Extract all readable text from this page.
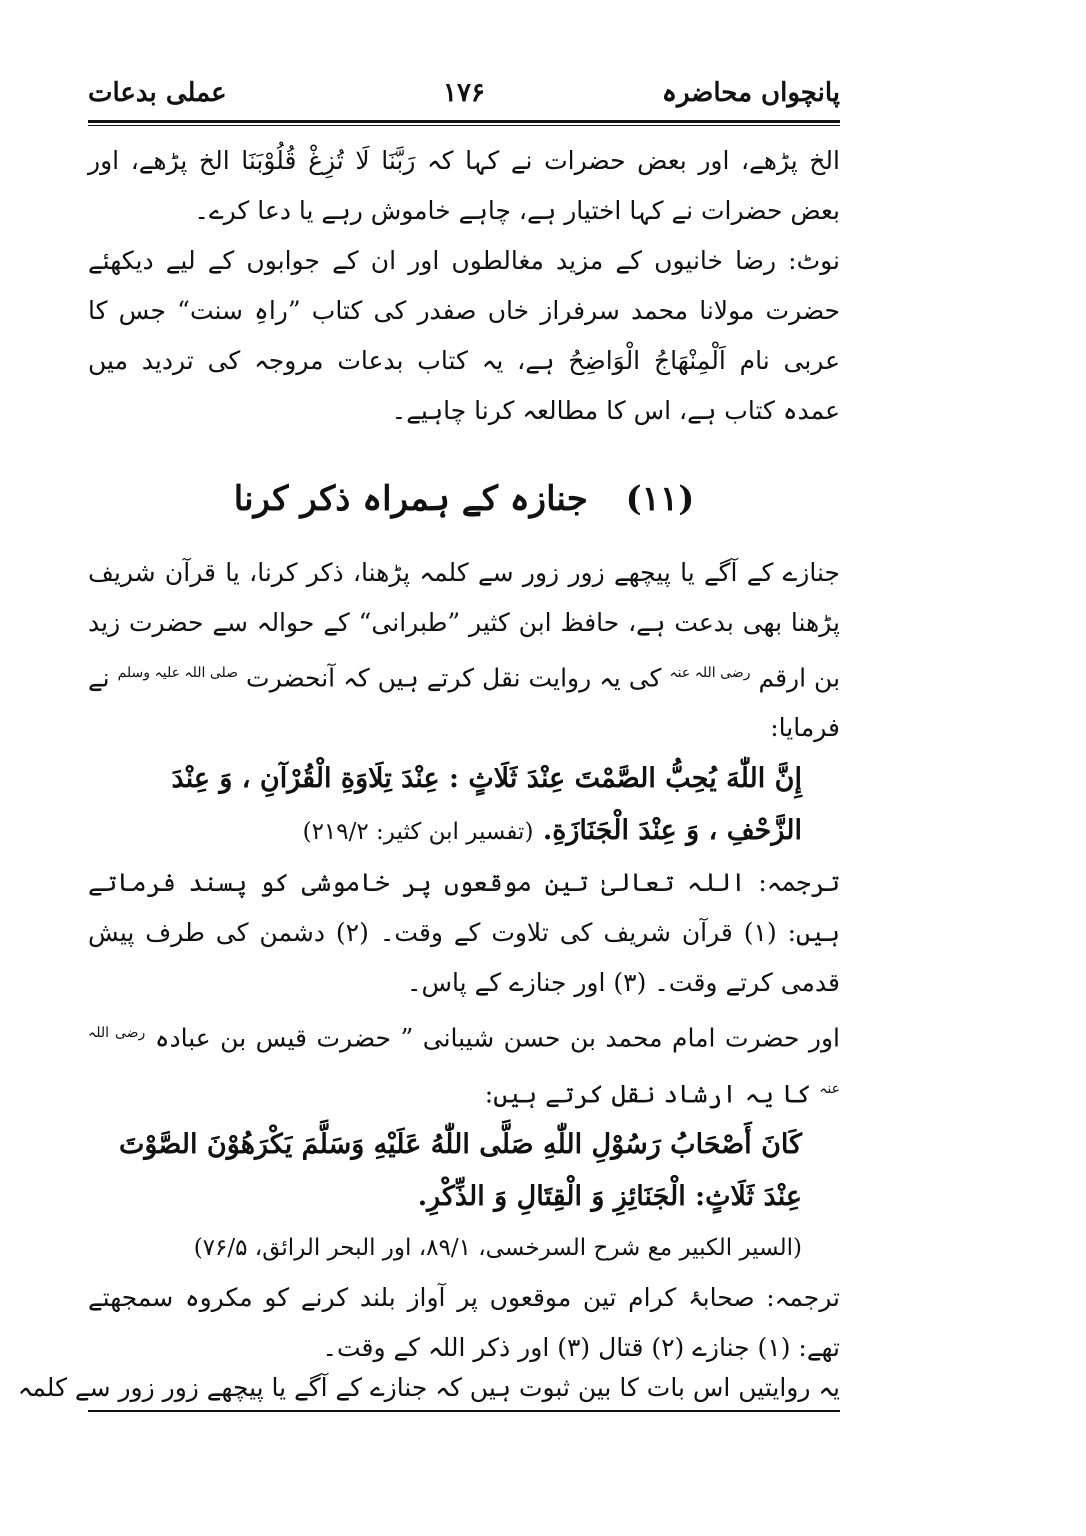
پانچواں محاضرہ
۱۷۶
عملی بدعات

الخ پڑھے، اور بعض حضرات نے کہا کہ رَبَّنَا لَا تُزِغْ قُلُوْبَنَا الخ پڑھے، اور بعض حضرات نے کہا اختیار ہے، چاہے خاموش رہے یا دعا کرے۔

نوٹ: رضا خانیوں کے مزید مغالطوں اور ان کے جوابوں کے لیے دیکھئے حضرت مولانا محمد سرفراز خاں صفدر کی کتاب ”راہِ سنت“ جس کا عربی نام اَلْمِنْهَاجُ الْوَاضِحُ ہے، یہ کتاب بدعات مروجہ کی تردید میں عمدہ کتاب ہے، اس کا مطالعہ کرنا چاہیے۔

(۱۱) جنازہ کے ہمراہ ذکر کرنا

جنازے کے آگے یا پیچھے زور زور سے کلمہ پڑھنا، ذکر کرنا، یا قرآن شریف پڑھنا بھی بدعت ہے، حافظ ابن کثیر ”طبرانی“ کے حوالہ سے حضرت زید بن ارقم $^{رضی اللہ عنہ}$ کی یہ روایت نقل کرتے ہیں کہ آنحضرت $^{صلی اللہ علیہ وسلم}$ نے فرمایا:

إِنَّ اللّٰهَ يُحِبُّ الصَّمْتَ عِنْدَ ثَلَاثٍ : عِنْدَ تِلَاوَةِ الْقُرْآنِ ، وَ عِنْدَ

الزَّحْفِ ، وَ عِنْدَ الْجَنَازَةِ. (تفسیر ابن کثیر: ۲۱۹/۲)

ترجمہ: اللہ تعالیٰ تین موقعوں پر خاموشی کو پسند فرماتے ہیں: (۱) قرآن شریف کی تلاوت کے وقت۔ (۲) دشمن کی طرف پیش قدمی کرتے وقت۔ (۳) اور جنازے کے پاس۔

اور حضرت امام محمد بن حسن شیبانی ” حضرت قیس بن عبادہ $^{رضی اللہ عنہ}$ کا یہ ارشاد نقل کرتے ہیں:

كَانَ أَصْحَابُ رَسُوْلِ اللّٰهِ صَلَّى اللّٰهُ عَلَيْهِ وَسَلَّمَ يَكْرَهُوْنَ الصَّوْتَ

عِنْدَ ثَلَاثٍ: الْجَنَائِزِ وَ الْقِتَالِ وَ الذِّكْرِ.

(السیر الکبیر مع شرح السرخسی، ۸۹/۱، اور البحر الرائق، ۷۶/۵)

ترجمہ: صحابۂ کرام تین موقعوں پر آواز بلند کرنے کو مکروہ سمجھتے تھے: (۱) جنازے (۲) قتال (۳) اور ذکر اللہ کے وقت۔

یہ روایتیں اس بات کا بین ثبوت ہیں کہ جنازے کے آگے یا پیچھے زور زور سے کلمہ
